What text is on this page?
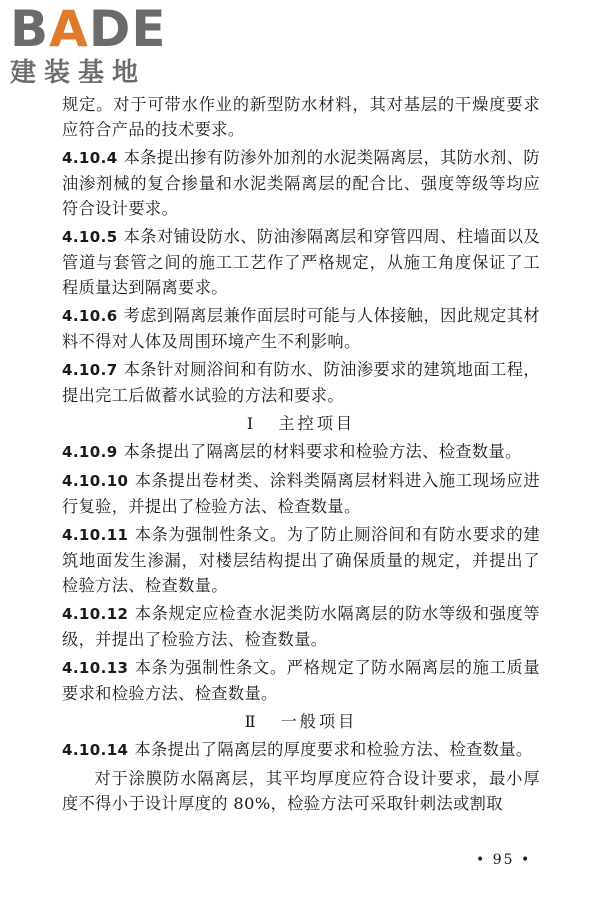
BADE
建装基地

规定。对于可带水作业的新型防水材料，其对基层的干燥度要求应符合产品的技术要求。

4.10.4 本条提出掺有防渗外加剂的水泥类隔离层，其防水剂、防油渗剂械的复合掺量和水泥类隔离层的配合比、强度等级等均应符合设计要求。

4.10.5 本条对铺设防水、防油渗隔离层和穿管四周、柱墙面以及管道与套管之间的施工工艺作了严格规定，从施工角度保证了工程质量达到隔离要求。

4.10.6 考虑到隔离层兼作面层时可能与人体接触，因此规定其材料不得对人体及周围环境产生不利影响。

4.10.7 本条针对厕浴间和有防水、防油渗要求的建筑地面工程，提出完工后做蓄水试验的方法和要求。

Ⅰ 主控项目

4.10.9 本条提出了隔离层的材料要求和检验方法、检查数量。

4.10.10 本条提出卷材类、涂料类隔离层材料进入施工现场应进行复验，并提出了检验方法、检查数量。

4.10.11 本条为强制性条文。为了防止厕浴间和有防水要求的建筑地面发生渗漏，对楼层结构提出了确保质量的规定，并提出了检验方法、检查数量。

4.10.12 本条规定应检查水泥类防水隔离层的防水等级和强度等级，并提出了检验方法、检查数量。

4.10.13 本条为强制性条文。严格规定了防水隔离层的施工质量要求和检验方法、检查数量。

Ⅱ 一般项目

4.10.14 本条提出了隔离层的厚度要求和检验方法、检查数量。

对于涂膜防水隔离层，其平均厚度应符合设计要求，最小厚度不得小于设计厚度的 80%，检验方法可采取针刺法或割取

• 95 •
